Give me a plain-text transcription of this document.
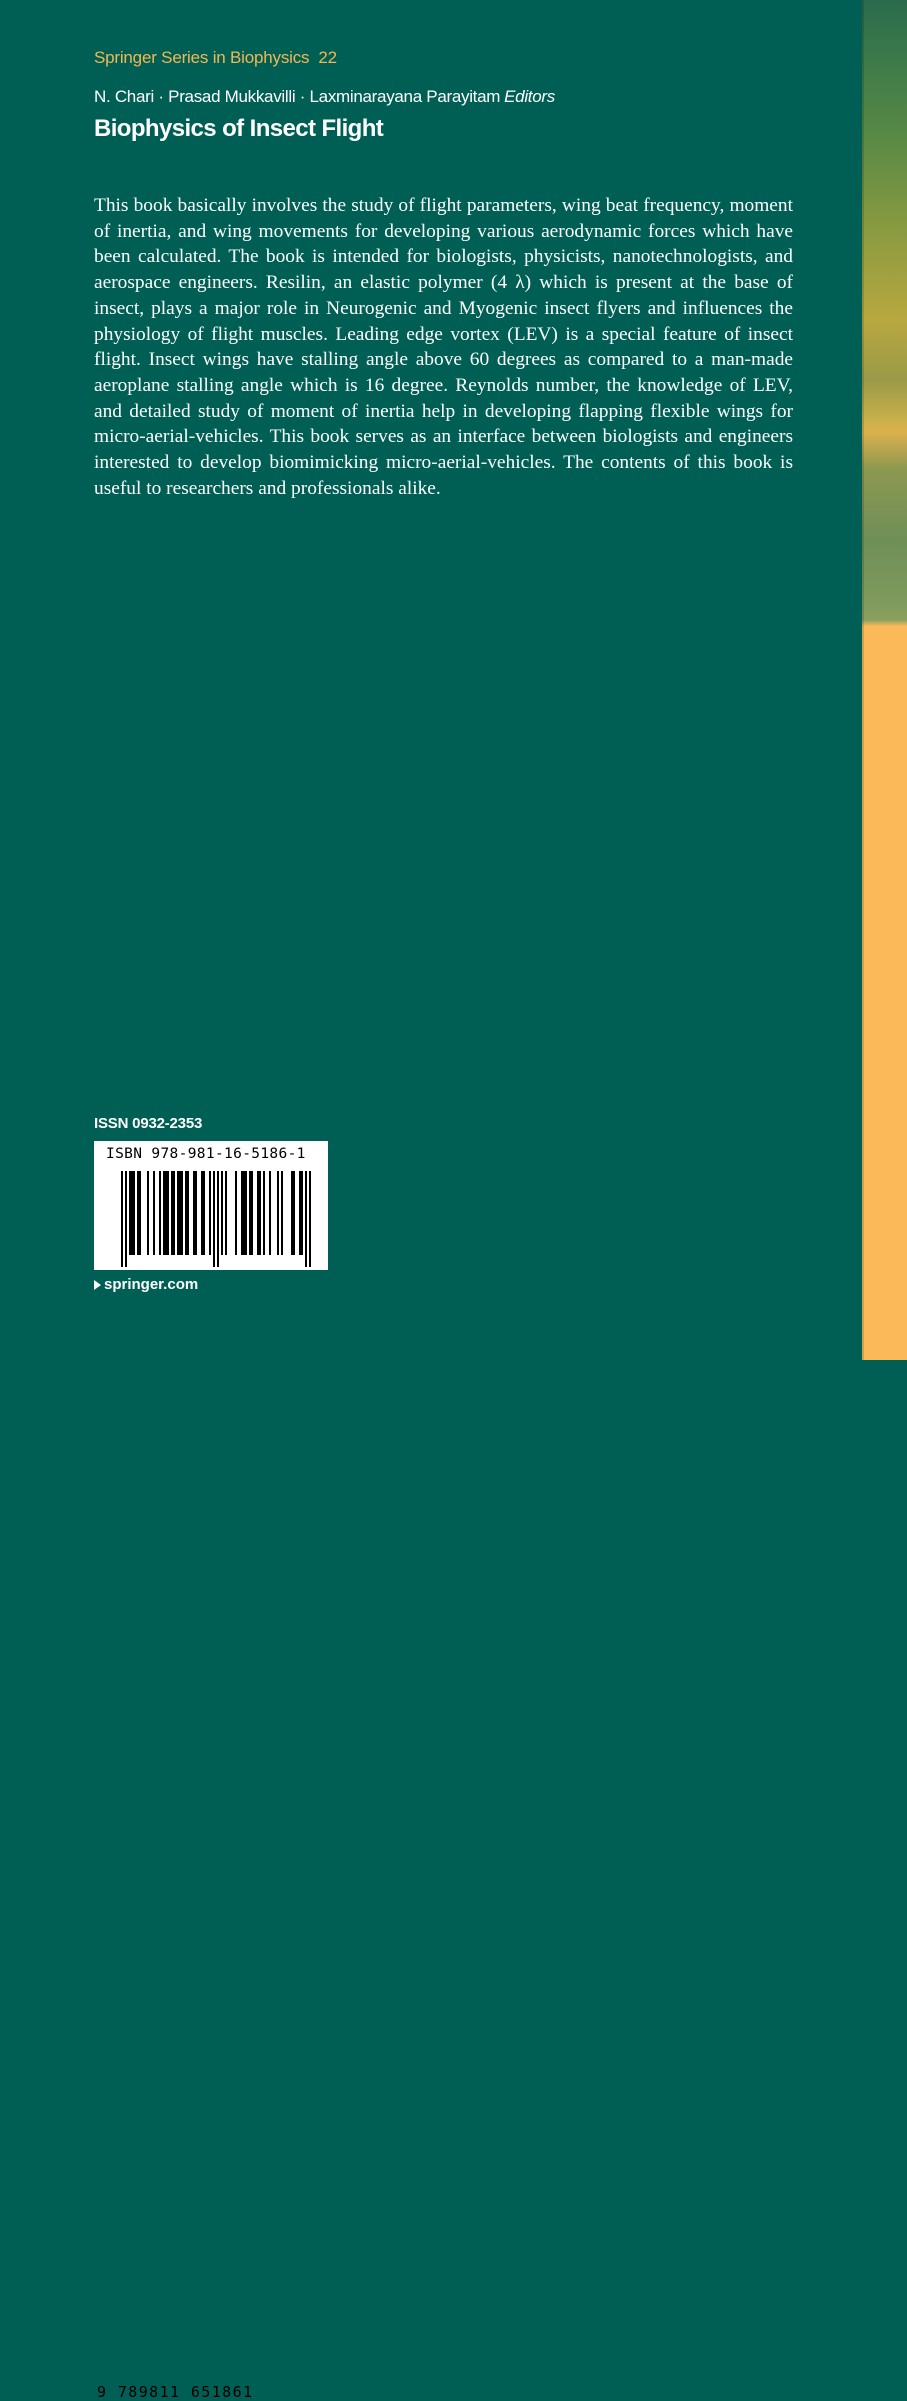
Springer Series in Biophysics 22
N. Chari · Prasad Mukkavilli · Laxminarayana Parayitam Editors
Biophysics of Insect Flight

This book basically involves the study of flight parameters, wing beat frequency, moment of inertia, and wing movements for developing various aerodynamic forces which have been calculated. The book is intended for biologists, physicists, nanotechnologists, and aerospace engineers. Resilin, an elastic polymer (4 λ) which is present at the base of insect, plays a major role in Neurogenic and Myogenic insect flyers and influences the physiology of flight muscles. Leading edge vortex (LEV) is a special feature of insect flight. Insect wings have stalling angle above 60 degrees as compared to a man-made aeroplane stalling angle which is 16 degree. Reynolds number, the knowledge of LEV, and detailed study of moment of inertia help in developing flapping flexible wings for micro-aerial-vehicles. This book serves as an interface between biologists and engineers interested to develop biomimicking micro-aerial-vehicles. The contents of this book is useful to researchers and professionals alike.

ISSN 0932-2353
ISBN 978-981-16-5186-1
9 789811 651861
springer.com
